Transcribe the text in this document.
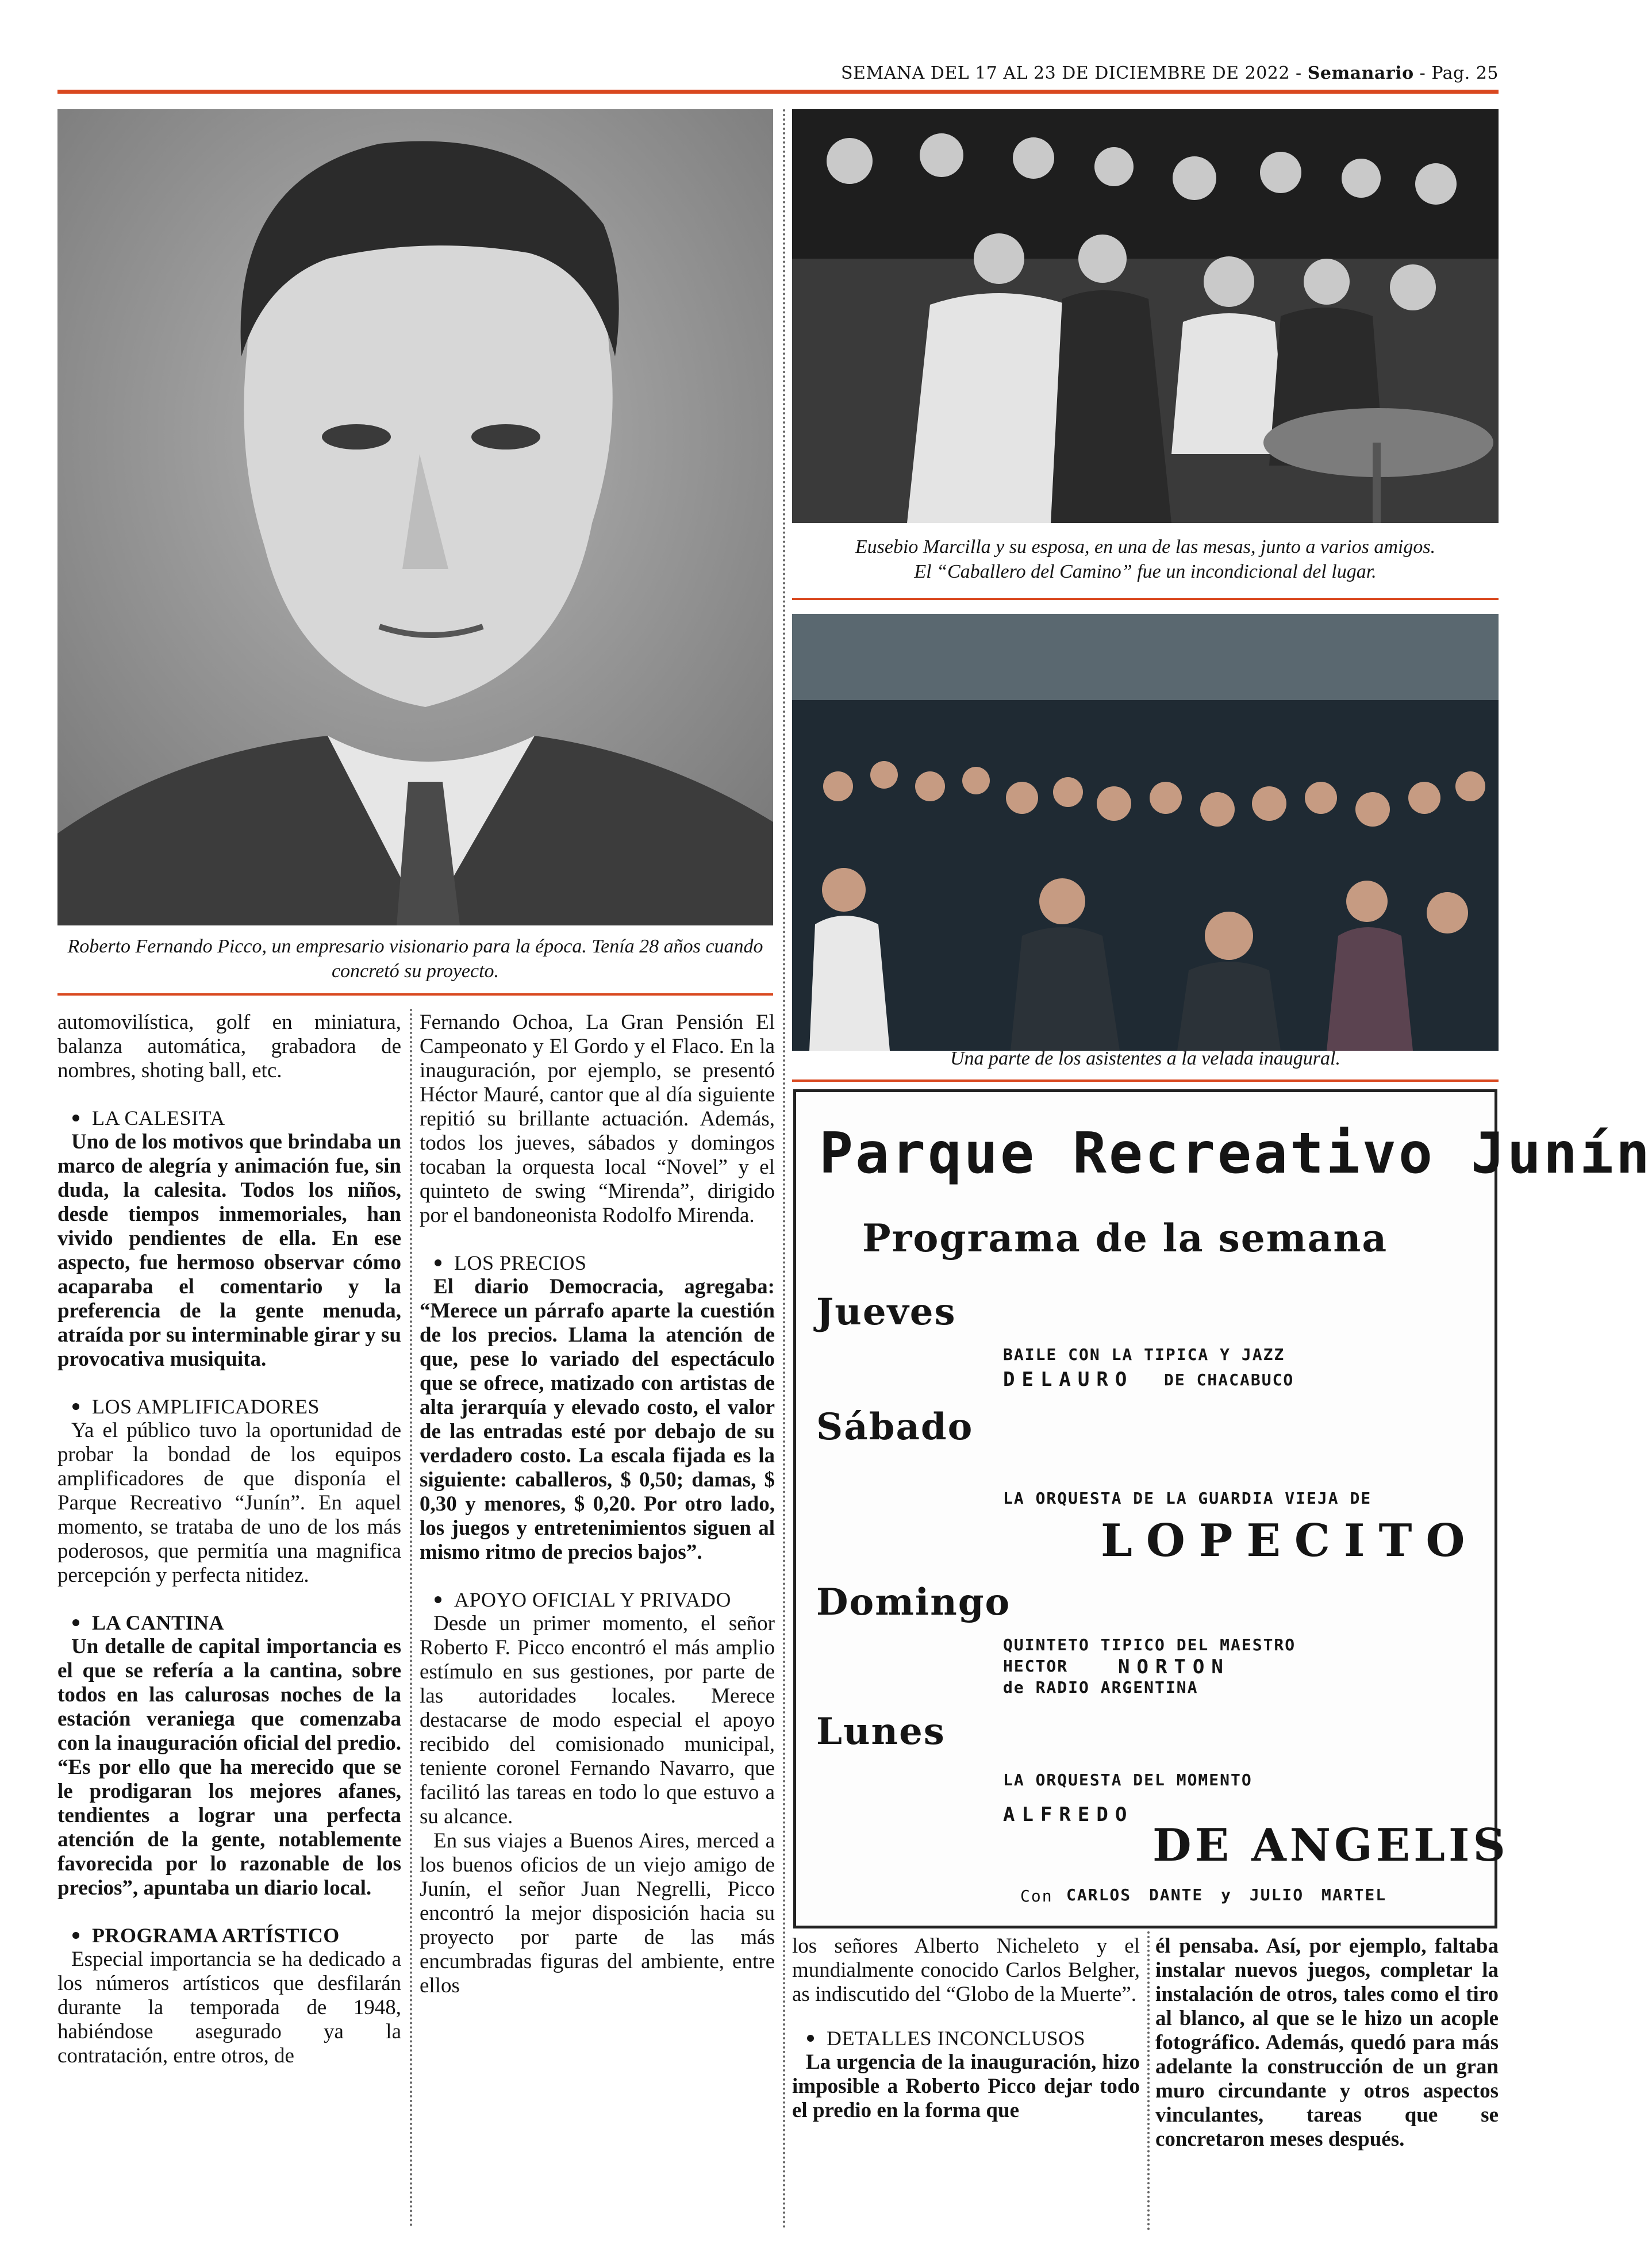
SEMANA DEL 17 AL 23 DE DICIEMBRE DE 2022 - Semanario - Pag. 25
Roberto Fernando Picco, un empresario visionario para la época. Tenía 28 años cuando concretó su proyecto.
Eusebio Marcilla y su esposa, en una de las mesas, junto a varios amigos.
El “Caballero del Camino” fue un incondicional del lugar.
Una parte de los asistentes a la velada inaugural.
Parque Recreativo Junín
Programa de la semana
Jueves
BAILE CON LA TIPICA Y JAZZ
DELAURO DE CHACABUCO
Sábado
LA ORQUESTA DE LA GUARDIA VIEJA DE
LOPECITO
Domingo
QUINTETO TIPICO DEL MAESTRO
HECTOR	NORTON
de RADIO ARGENTINA
Lunes
LA ORQUESTA DEL MOMENTO
ALFREDO
DE ANGELIS
Con CARLOS DANTE y JULIO MARTEL

automovilística, golf en miniatura, balanza automática, grabadora de nombres, shoting ball, etc.

LA CALESITA

Uno de los motivos que brindaba un marco de alegría y animación fue, sin duda, la calesita. Todos los niños, desde tiempos inmemoriales, han vivido pendientes de ella. En ese aspecto, fue hermoso observar cómo acaparaba el comentario y la preferencia de la gente menuda, atraída por su interminable girar y su provocativa musiquita.

LOS AMPLIFICADORES

Ya el público tuvo la oportunidad de probar la bondad de los equipos amplificadores de que disponía el Parque Recreativo “Junín”. En aquel momento, se trataba de uno de los más poderosos, que permitía una magnifica percepción y perfecta nitidez.

LA CANTINA

Un detalle de capital importancia es el que se refería a la cantina, sobre todos en las calurosas noches de la estación veraniega que comenzaba con la inauguración oficial del predio. “Es por ello que ha merecido que se le prodigaran los mejores afanes, tendientes a lograr una perfecta atención de la gente, notablemente favorecida por lo razonable de los precios”, apuntaba un diario local.

PROGRAMA ARTÍSTICO

Especial importancia se ha dedicado a los números artísticos que desfilarán durante la temporada de 1948, habiéndose asegurado ya la contratación, entre otros, de

Fernando Ochoa, La Gran Pensión El Campeonato y El Gordo y el Flaco. En la inauguración, por ejemplo, se presentó Héctor Mauré, cantor que al día siguiente repitió su brillante actuación. Además, todos los jueves, sábados y domingos tocaban la orquesta local “Novel” y el quinteto de swing “Mirenda”, dirigido por el bandoneonista Rodolfo Mirenda.

LOS PRECIOS

El diario Democracia, agregaba: “Merece un párrafo aparte la cuestión de los precios. Llama la atención de que, pese lo variado del espectáculo que se ofrece, matizado con artistas de alta jerarquía y elevado costo, el valor de las entradas esté por debajo de su verdadero costo. La escala fijada es la siguiente: caballeros, $ 0,50; damas, $ 0,30 y menores, $ 0,20. Por otro lado, los juegos y entretenimientos siguen al mismo ritmo de precios bajos”.

APOYO OFICIAL Y PRIVADO

Desde un primer momento, el señor Roberto F. Picco encontró el más amplio estímulo en sus gestiones, por parte de las autoridades locales. Merece destacarse de modo especial el apoyo recibido del comisionado municipal, teniente coronel Fernando Navarro, que facilitó las tareas en todo lo que estuvo a su alcance.

En sus viajes a Buenos Aires, merced a los buenos oficios de un viejo amigo de Junín, el señor Juan Negrelli, Picco encontró la mejor disposición hacia su proyecto por parte de las más encumbradas figuras del ambiente, entre ellos

los señores Alberto Nicheleto y el mundialmente conocido Carlos Belgher, as indiscutido del “Globo de la Muerte”.

DETALLES INCONCLUSOS

La urgencia de la inauguración, hizo imposible a Roberto Picco dejar todo el predio en la forma que

él pensaba. Así, por ejemplo, faltaba instalar nuevos juegos, completar la instalación de otros, tales como el tiro al blanco, al que se le hizo un acople fotográfico. Además, quedó para más adelante la construcción de un gran muro circundante y otros aspectos vinculantes, tareas que se concretaron meses después.
